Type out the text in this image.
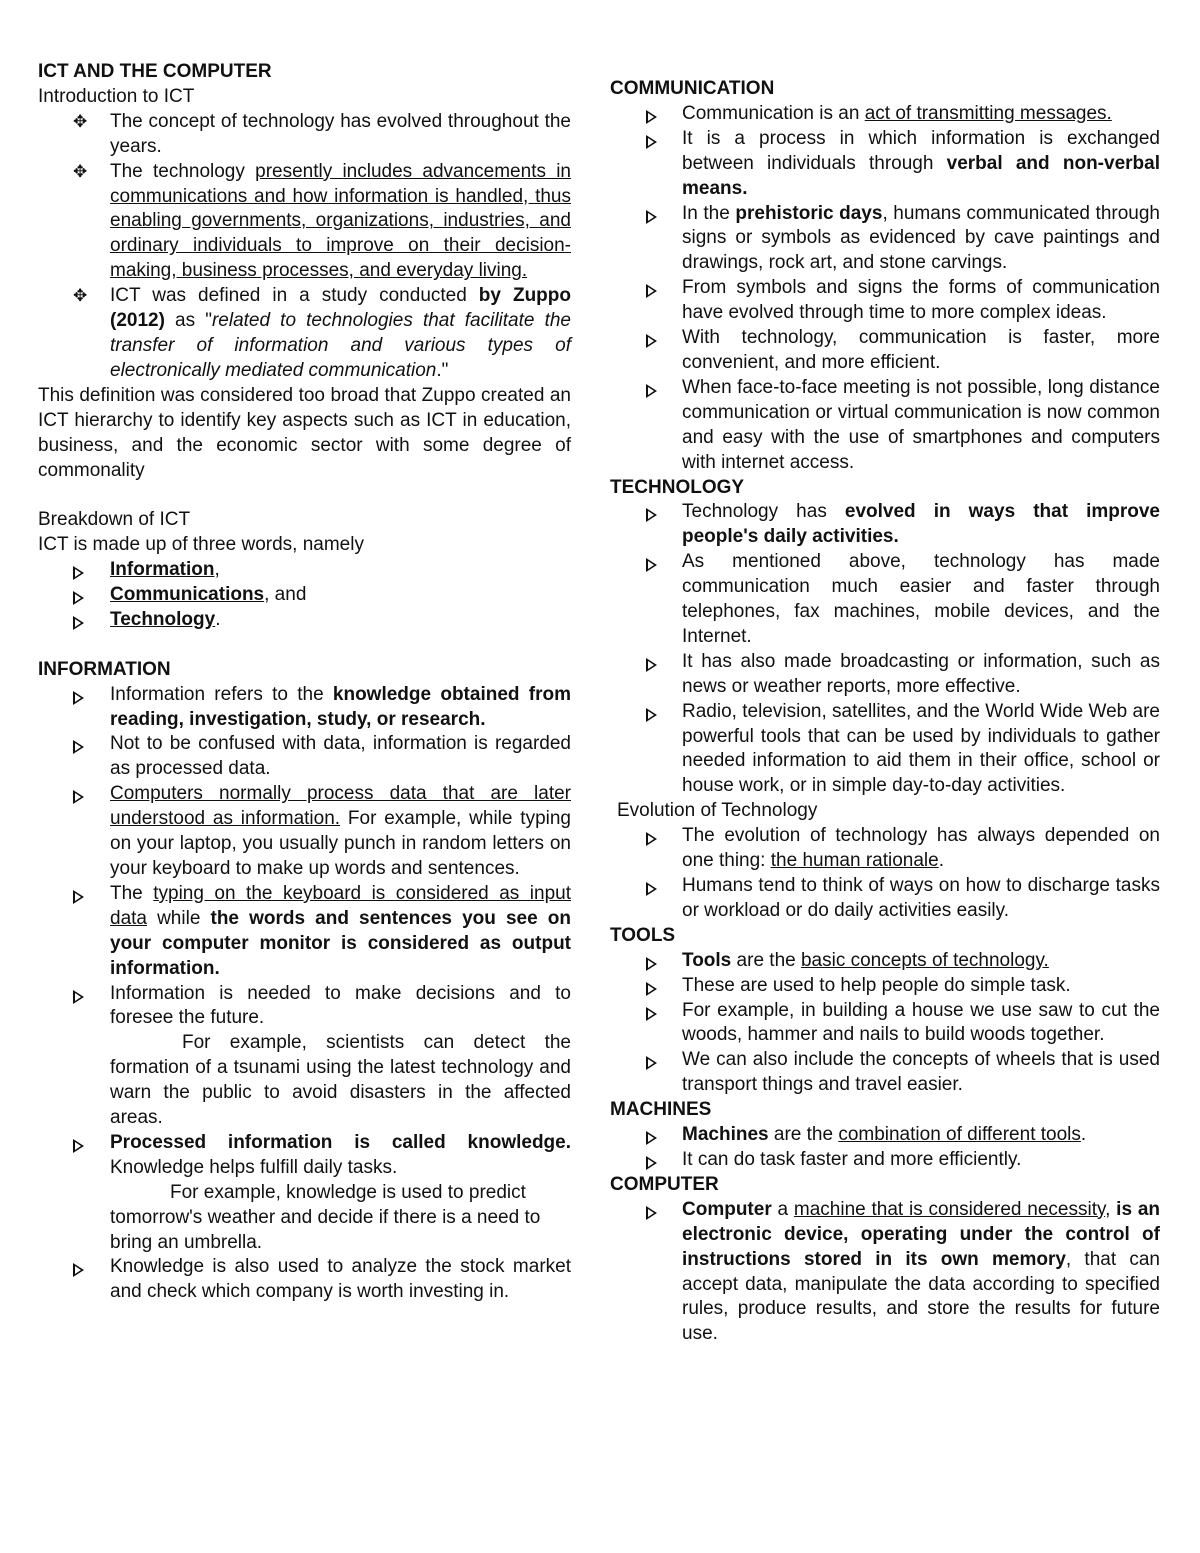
ICT AND THE COMPUTER

Introduction to ICT

✥	The concept of technology has evolved throughout the years.
✥	The technology presently includes advancements in communications and how information is handled, thus enabling governments, organizations, industries, and ordinary individuals to improve on their decision-making, business processes, and everyday living.
✥	ICT was defined in a study conducted by Zuppo (2012) as "related to technologies that facilitate the transfer of information and various types of electronically mediated communication."

This definition was considered too broad that Zuppo created an ICT hierarchy to identify key aspects such as ICT in education, business, and the economic sector with some degree of commonality

Breakdown of ICT

ICT is made up of three words, namely

Information,
Communications, and
Technology.

INFORMATION

Information refers to the knowledge obtained from reading, investigation, study, or research.
Not to be confused with data, information is regarded as processed data.
Computers normally process data that are later understood as information. For example, while typing on your laptop, you usually punch in random letters on your keyboard to make up words and sentences.
The typing on the keyboard is considered as input data while the words and sentences you see on your computer monitor is considered as output information.
Information is needed to make decisions and to foresee the future.

For example, scientists can detect the formation of a tsunami using the latest technology and warn the public to avoid disasters in the affected areas.

Processed information is called knowledge. Knowledge helps fulfill daily tasks.

For example, knowledge is used to predict tomorrow's weather and decide if there is a need to bring an umbrella.

Knowledge is also used to analyze the stock market and check which company is worth investing in.

COMMUNICATION

Communication is an act of transmitting messages.
It is a process in which information is exchanged between individuals through verbal and non-verbal means.
In the prehistoric days, humans communicated through signs or symbols as evidenced by cave paintings and drawings, rock art, and stone carvings.
From symbols and signs the forms of communication have evolved through time to more complex ideas.
With technology, communication is faster, more convenient, and more efficient.
When face-to-face meeting is not possible, long distance communication or virtual communication is now common and easy with the use of smartphones and computers with internet access.

TECHNOLOGY

Technology has evolved in ways that improve people's daily activities.
As mentioned above, technology has made communication much easier and faster through telephones, fax machines, mobile devices, and the Internet.
It has also made broadcasting or information, such as news or weather reports, more effective.
Radio, television, satellites, and the World Wide Web are powerful tools that can be used by individuals to gather needed information to aid them in their office, school or house work, or in simple day-to-day activities.

Evolution of Technology

The evolution of technology has always depended on one thing: the human rationale.
Humans tend to think of ways on how to discharge tasks or workload or do daily activities easily.

TOOLS

Tools are the basic concepts of technology.
These are used to help people do simple task.
For example, in building a house we use saw to cut the woods, hammer and nails to build woods together.
We can also include the concepts of wheels that is used transport things and travel easier.

MACHINES

Machines are the combination of different tools.
It can do task faster and more efficiently.

COMPUTER

Computer a machine that is considered necessity, is an electronic device, operating under the control of instructions stored in its own memory, that can accept data, manipulate the data according to specified rules, produce results, and store the results for future use.
